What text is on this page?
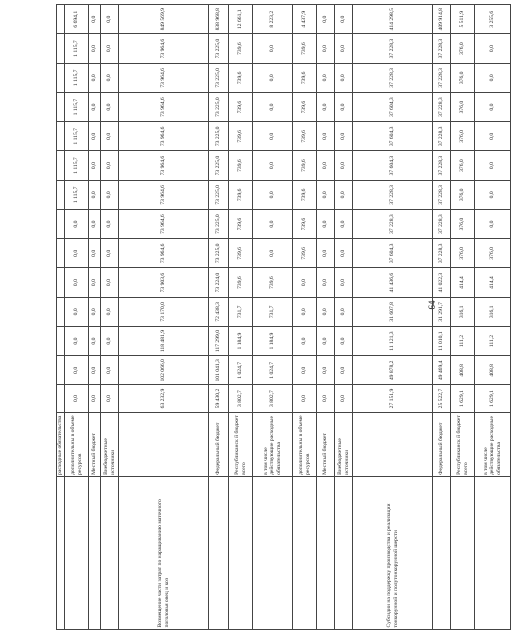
64
	расходные обязательства														
	дополнительны в объеме ресурсов	0,0	0,0	0,0	0,0	0,0	0,0	0,0	1 115,7	1 115,7	1 115,7	1 115,7	1 115,7	1 115,7	6 694,1
	Местный бюджет	0,0	0,0	0,0	0,0	0,0	0,0	0,0	0,0	0,0	0,0	0,0	0,0	0,0	0,0
	Внебюджетные источники	0,0	0,0	0,0	0,0	0,0	0,0	0,0	0,0	0,0	0,0	0,0	0,0	0,0	0,0
Возмещение части затрат по наращиванию маточного поголовья овец и коз		63 232,9	102 066,0	118 481,9	73 170,0	73 903,6	73 964,6	73 964,6	73 964,6	73 964,6	73 964,6	73 964,6	73 964,6	73 964,6	849 569,9
	Федеральный бюджет	59 430,2	101 041,3	117 299,0	72 438,3	73 224,0	73 225,0	73 225,0	73 225,0	73 225,0	73 225,0	73 225,0	73 225,0	73 225,0	838 968,8
	Республиканск й бюджет всего	3 802,7	1 024,7	1 184,9	731,7	739,6	739,6	739,6	739,6	739,6	739,6	739,6	739,6	739,6	12 661,1
	в том числе действующие расходные обязательства	3 802,7	1 024,7	1 184,9	731,7	739,6	0,0	0,0	0,0	0,0	0,0	0,0	0,0	0,0	8 223,2
	дополнительны в объеме ресурсов	0,0	0,0	0,0	0,0	0,0	739,6	739,6	739,6	739,6	739,6	739,6	739,6	739,6	4 437,9
	Местный бюджет	0,0	0,0	0,0	0,0	0,0	0,0	0,0	0,0	0,0	0,0	0,0	0,0	0,0	0,0
	Внебюджетные источники	0,0	0,0	0,0	0,0	0,0	0,0	0,0	0,0	0,0	0,0	0,0	0,0	0,0	0,0
Субсидии на поддержку производства и реализации тонкорунной и полутонкорунной шерсти		27 151,9	49 878,2	11 121,3	31 607,8	41 436,6	37 604,3	37 228,3	37 228,3	37 604,3	37 604,3	37 604,3	37 228,3	37 228,3	414 298,5
	Федеральный бюджет	25 522,7	49 469,4	11 010,1	31 291,7	41 022,3	37 228,3	37 228,3	37 228,3	37 228,3	37 228,3	37 228,3	37 228,3	37 228,3	409 914,8
	Республиканск й бюджет всего	1 629,1	408,8	111,2	316,1	414,4	376,0	376,0	376,0	376,0	376,0	376,0	376,0	376,0	5 511,9
	в том числе действующие расходные обязательства	1 629,1	408,8	111,2	316,1	414,4	376,0	0,0	0,0	0,0	0,0	0,0	0,0	0,0	3 255,6
